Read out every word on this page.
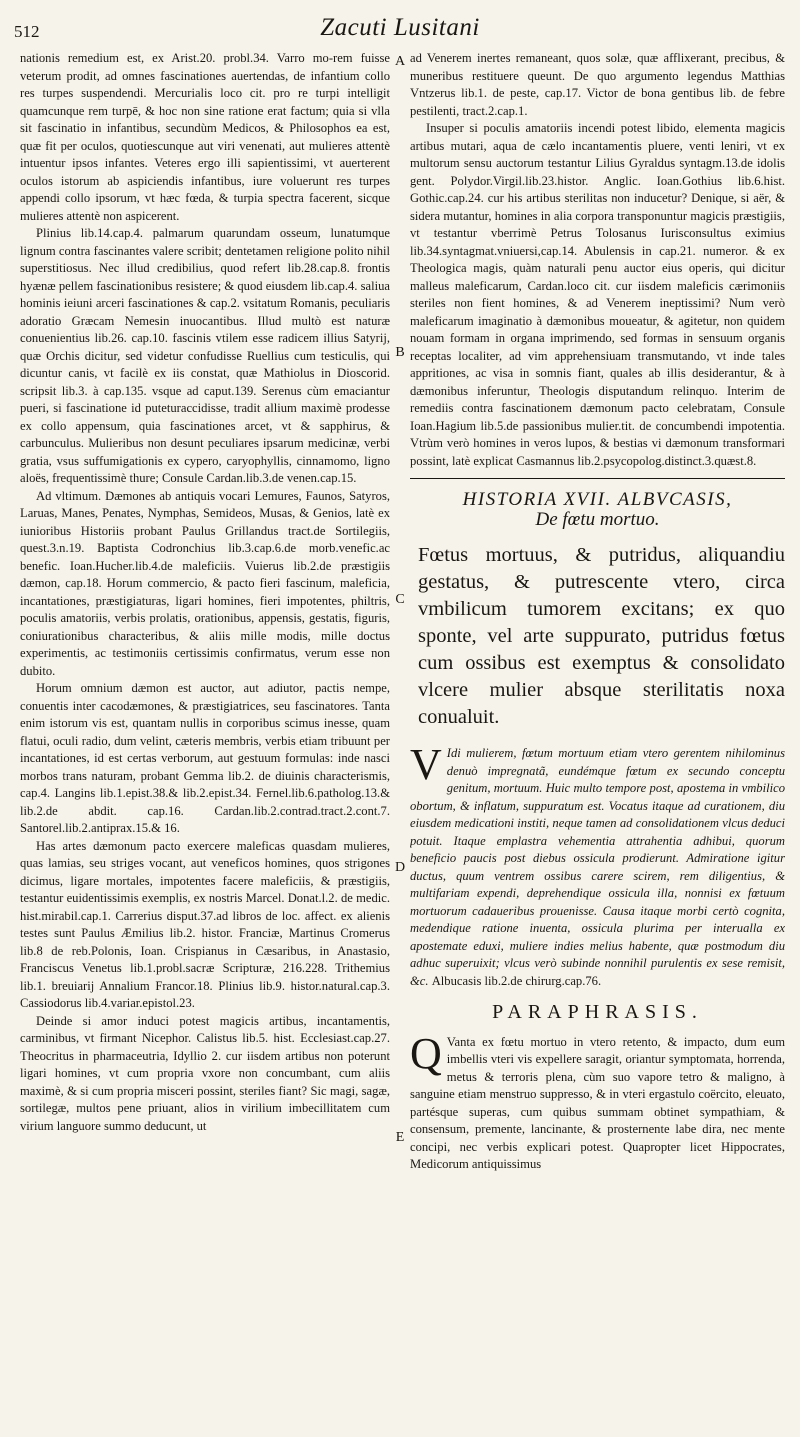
512	Zacuti Lusitani
A
B
C
D
E

nationis remedium est, ex Arist.20. probl.34. Varro mo-rem fuisse veterum prodit, ad omnes fascinationes auertendas, de infantium collo res turpes suspendendi. Mercurialis loco cit. pro re turpi intelligit quamcunque rem turpē, & hoc non sine ratione erat factum; quia si vlla sit fascinatio in infantibus, secundùm Medicos, & Philosophos ea est, quæ fit per oculos, quotiescunque aut viri venenati, aut mulieres attentè intuentur ipsos infantes. Veteres ergo illi sapientissimi, vt auerterent oculos istorum ab aspiciendis infantibus, iure voluerunt res turpes appendi collo ipsorum, vt hæc fœda, & turpia spectra facerent, sicque mulieres attentè non aspicerent.

Plinius lib.14.cap.4. palmarum quarundam osseum, lunatumque lignum contra fascinantes valere scribit; dentetamen religione polito nihil superstitiosus. Nec illud credibilius, quod refert lib.28.cap.8. frontis hyænæ pellem fascinationibus resistere; & quod eiusdem lib.cap.4. saliua hominis ieiuni arceri fascinationes & cap.2. vsitatum Romanis, peculiaris adoratio Græcam Nemesin inuocantibus. Illud multò est naturæ conuenientius lib.26. cap.10. fascinis vtilem esse radicem illius Satyrij, quæ Orchis dicitur, sed videtur confudisse Ruellius cum testiculis, qui dicuntur canis, vt facilè ex iis constat, quæ Mathiolus in Dioscorid. scripsit lib.3. à cap.135. vsque ad caput.139. Serenus cùm emaciantur pueri, si fascinatione id puteturaccidisse, tradit allium maximè prodesse ex collo appensum, quia fascinationes arcet, vt & sapphirus, & carbunculus. Mulieribus non desunt peculiares ipsarum medicinæ, verbi gratia, vsus suffumigationis ex cypero, caryophyllis, cinnamomo, ligno aloës, frequentissimè thure; Consule Cardan.lib.3.de venen.cap.15.

Ad vltimum. Dæmones ab antiquis vocari Lemures, Faunos, Satyros, Laruas, Manes, Penates, Nymphas, Semideos, Musas, & Genios, latè ex iunioribus Historiis probant Paulus Grillandus tract.de Sortilegiis, quest.3.n.19. Baptista Codronchius lib.3.cap.6.de morb.venefic.ac benefic. Ioan.Hucher.lib.4.de maleficiis. Vuierus lib.2.de præstigiis dæmon, cap.18. Horum commercio, & pacto fieri fascinum, maleficia, incantationes, præstigiaturas, ligari homines, fieri impotentes, philtris, poculis amatoriis, verbis prolatis, orationibus, appensis, gestatis, figuris, coniurationibus characteribus, & aliis mille modis, mille doctus experimentis, ac testimoniis certissimis confirmatus, verum esse non dubito.

Horum omnium dæmon est auctor, aut adiutor, pactis nempe, conuentis inter cacodæmones, & præstigiatrices, seu fascinatores. Tanta enim istorum vis est, quantam nullis in corporibus scimus inesse, quam flatui, oculi radio, dum velint, cæteris membris, verbis etiam tribuunt per incantationes, id est certas verborum, aut gestuum formulas: inde nasci morbos trans naturam, probant Gemma lib.2. de diuinis characterismis, cap.4. Langins lib.1.epist.38.& lib.2.epist.34. Fernel.lib.6.patholog.13.& lib.2.de abdit. cap.16. Cardan.lib.2.contrad.tract.2.cont.7. Santorel.lib.2.antiprax.15.& 16.

Has artes dæmonum pacto exercere maleficas quasdam mulieres, quas lamias, seu striges vocant, aut veneficos homines, quos strigones dicimus, ligare mortales, impotentes facere maleficiis, & præstigiis, testantur euidentissimis exemplis, ex nostris Marcel. Donat.l.2. de medic. hist.mirabil.cap.1. Carrerius disput.37.ad libros de loc. affect. ex alienis testes sunt Paulus Æmilius lib.2. histor. Franciæ, Martinus Cromerus lib.8 de reb.Polonis, Ioan. Crispianus in Cæsaribus, in Anastasio, Franciscus Venetus lib.1.probl.sacræ Scripturæ, 216.228. Trithemius lib.1. breuiarij Annalium Francor.18. Plinius lib.9. histor.natural.cap.3. Cassiodorus lib.4.variar.epistol.23.

Deinde si amor induci potest magicis artibus, incantamentis, carminibus, vt firmant Nicephor. Calistus lib.5. hist. Ecclesiast.cap.27. Theocritus in pharmaceutria, Idyllio 2. cur iisdem artibus non poterunt ligari homines, vt cum propria vxore non concumbant, cum aliis maximè, & si cum propria misceri possint, steriles fiant? Sic magi, sagæ, sortilegæ, multos pene priuant, alios in virilium imbecillitatem cum virium languore summo deducunt, ut

ad Venerem inertes remaneant, quos solæ, quæ afflixerant, precibus, & muneribus restituere queunt. De quo argumento legendus Matthias Vntzerus lib.1. de peste, cap.17. Victor de bona gentibus lib. de febre pestilenti, tract.2.cap.1.

Insuper si poculis amatoriis incendi potest libido, elementa magicis artibus mutari, aqua de cælo incantamentis pluere, venti leniri, vt ex multorum sensu auctorum testantur Lilius Gyraldus syntagm.13.de idolis gent. Polydor.Virgil.lib.23.histor. Anglic. Ioan.Gothius lib.6.hist. Gothic.cap.24. cur his artibus sterilitas non inducetur? Denique, si aër, & sidera mutantur, homines in alia corpora transponuntur magicis præstigiis, vt testantur vberrimè Petrus Tolosanus Iurisconsultus eximius lib.34.syntagmat.vniuersi,cap.14. Abulensis in cap.21. numeror. & ex Theologica magis, quàm naturali penu auctor eius operis, qui dicitur malleus maleficarum, Cardan.loco cit. cur iisdem maleficis cærimoniis steriles non fient homines, & ad Venerem ineptissimi? Num verò maleficarum imaginatio à dæmonibus moueatur, & agitetur, non quidem nouam formam in organa imprimendo, sed formas in sensuum organis receptas localiter, ad vim apprehensiuam transmutando, vt inde tales appritiones, ac visa in somnis fiant, quales ab illis desiderantur, & à dæmonibus inferuntur, Theologis disputandum relinquo. Interim de remediis contra fascinationem dæmonum pacto celebratam, Consule Ioan.Hagium lib.5.de passionibus mulier.tit. de concumbendi impotentia. Vtrùm verò homines in veros lupos, & bestias vi dæmonum transformari possint, latè explicat Casmannus lib.2.psycopolog.distinct.3.quæst.8.

HISTORIA XVII. ALBVCASIS,
De fœtu mortuo.
Fœtus mortuus, & putridus, aliquandiu gestatus, & putrescente vtero, circa vmbilicum tumorem excitans; ex quo sponte, vel arte suppurato, putridus fœtus cum ossibus est exemptus & consolidato vlcere mulier absque sterilitatis noxa conualuit.
V Idi mulierem, fœtum mortuum etiam vtero gerentem nihilominus denuò impregnatã, eundémque fœtum ex secundo conceptu genitum, mortuum. Huic multo tempore post, apostema in vmbilico obortum, & inflatum, suppuratum est. Vocatus itaque ad curationem, diu eiusdem medicationi institi, neque tamen ad consolidationem vlcus deduci potuit. Itaque emplastra vehementia attrahentia adhibui, quorum beneficio paucis post diebus ossicula prodierunt. Admiratione igitur ductus, quum ventrem ossibus carere scirem, rem diligentius, & multifariam expendi, deprehendique ossicula illa, nonnisi ex fœtuum mortuorum cadaueribus prouenisse. Causa itaque morbi certò cognita, medendique ratione inuenta, ossicula plurima per interualla ex apostemate eduxi, muliere indies melius habente, quæ postmodum diu adhuc superuixit; vlcus verò subinde nonnihil purulentis ex sese remisit, &c. Albucasis lib.2.de chirurg.cap.76.
PARAPHRASIS.
Q Vanta ex fœtu mortuo in vtero retento, & impacto, dum eum imbellis vteri vis expellere saragit, oriantur symptomata, horrenda, metus & terroris plena, cùm suo vapore tetro & maligno, à sanguine etiam menstruo suppresso, & in vteri ergastulo coërcito, eleuato, partésque superas, cum quibus summam obtinet sympathiam, & consensum, premente, lancinante, & prosternente labe dira, nec mente concipi, nec verbis explicari potest. Quapropter licet Hippocrates, Medicorum antiquissimus
